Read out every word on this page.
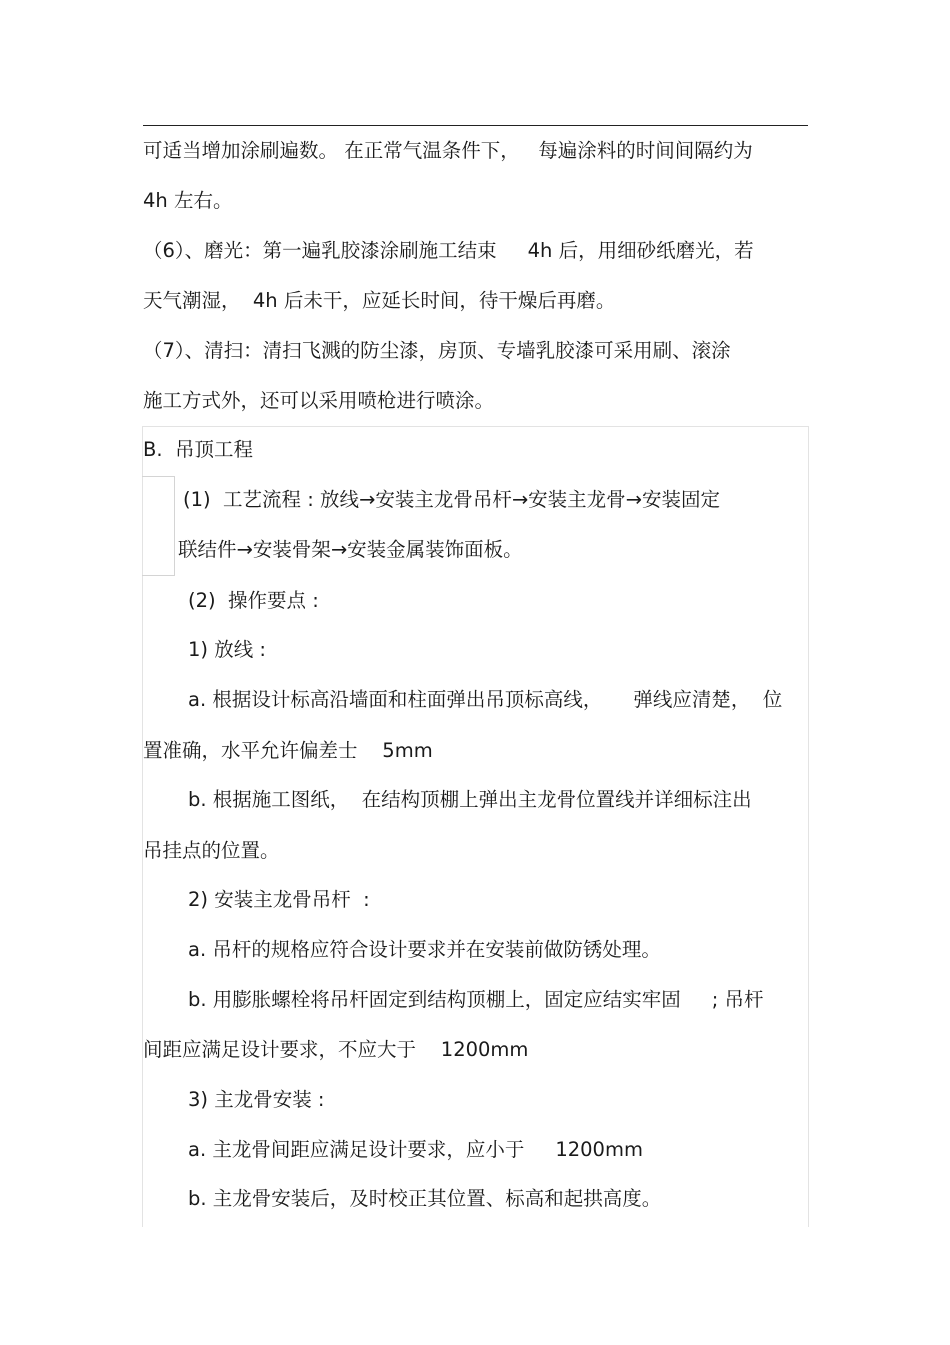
可适当增加涂刷遍数。 在正常气温条件下，   每遍涂料的时间间隔约为
4h 左右。
（6）、磨光：第一遍乳胶漆涂刷施工结束     4h 后，用细砂纸磨光，若
天气潮湿，  4h 后未干，应延长时间，待干燥后再磨。
（7）、清扫：清扫飞溅的防尘漆，房顶、专墙乳胶漆可采用刷、滚涂
施工方式外，还可以采用喷枪进行喷涂。
B.  吊顶工程
(1)  工艺流程 : 放线→安装主龙骨吊杆→安装主龙骨→安装固定
联结件→安装骨架→安装金属装饰面板。
(2)  操作要点 :
1) 放线 :
a. 根据设计标高沿墙面和柱面弹出吊顶标高线，     弹线应清楚，  位
置准确，水平允许偏差士    5mm
b. 根据施工图纸，  在结构顶棚上弹出主龙骨位置线并详细标注出
吊挂点的位置。
2) 安装主龙骨吊杆  :
a. 吊杆的规格应符合设计要求并在安装前做防锈处理。
b. 用膨胀螺栓将吊杆固定到结构顶棚上，固定应结实牢固     ; 吊杆
间距应满足设计要求，不应大于    1200mm
3) 主龙骨安装 :
a. 主龙骨间距应满足设计要求，应小于     1200mm
b. 主龙骨安装后，及时校正其位置、标高和起拱高度。
